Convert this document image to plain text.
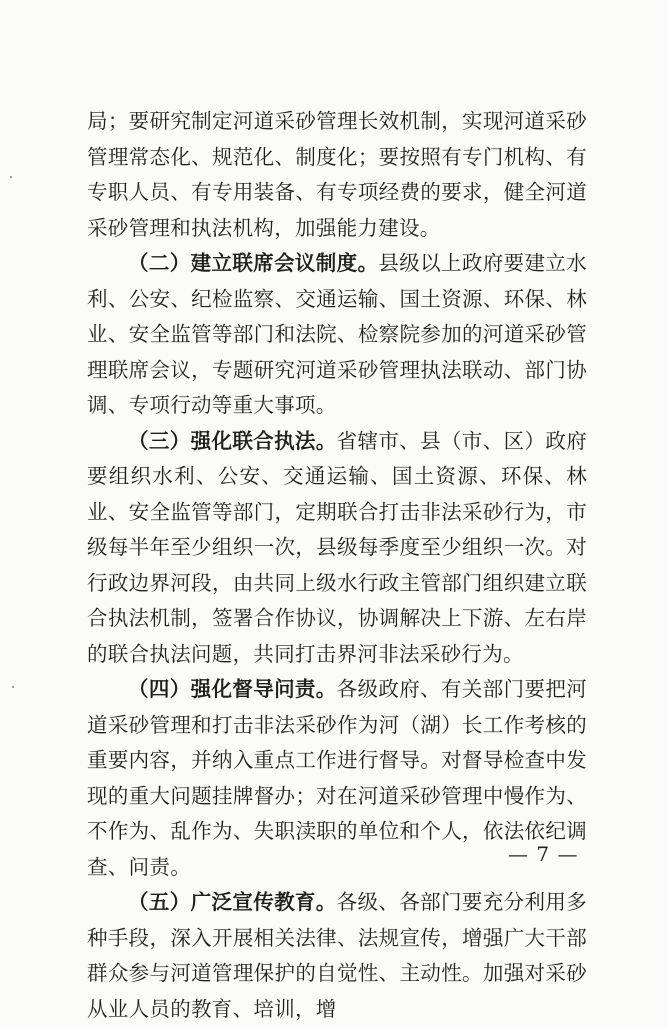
局；要研究制定河道采砂管理长效机制，实现河道采砂管理常态化、规范化、制度化；要按照有专门机构、有专职人员、有专用装备、有专项经费的要求，健全河道采砂管理和执法机构，加强能力建设。

（二）建立联席会议制度。县级以上政府要建立水利、公安、纪检监察、交通运输、国土资源、环保、林业、安全监管等部门和法院、检察院参加的河道采砂管理联席会议，专题研究河道采砂管理执法联动、部门协调、专项行动等重大事项。

（三）强化联合执法。省辖市、县（市、区）政府要组织水利、公安、交通运输、国土资源、环保、林业、安全监管等部门，定期联合打击非法采砂行为，市级每半年至少组织一次，县级每季度至少组织一次。对行政边界河段，由共同上级水行政主管部门组织建立联合执法机制，签署合作协议，协调解决上下游、左右岸的联合执法问题，共同打击界河非法采砂行为。

（四）强化督导问责。各级政府、有关部门要把河道采砂管理和打击非法采砂作为河（湖）长工作考核的重要内容，并纳入重点工作进行督导。对督导检查中发现的重大问题挂牌督办；对在河道采砂管理中慢作为、不作为、乱作为、失职渎职的单位和个人，依法依纪调查、问责。

（五）广泛宣传教育。各级、各部门要充分利用多种手段，深入开展相关法律、法规宣传，增强广大干部群众参与河道管理保护的自觉性、主动性。加强对采砂从业人员的教育、培训，增

— 7 —
